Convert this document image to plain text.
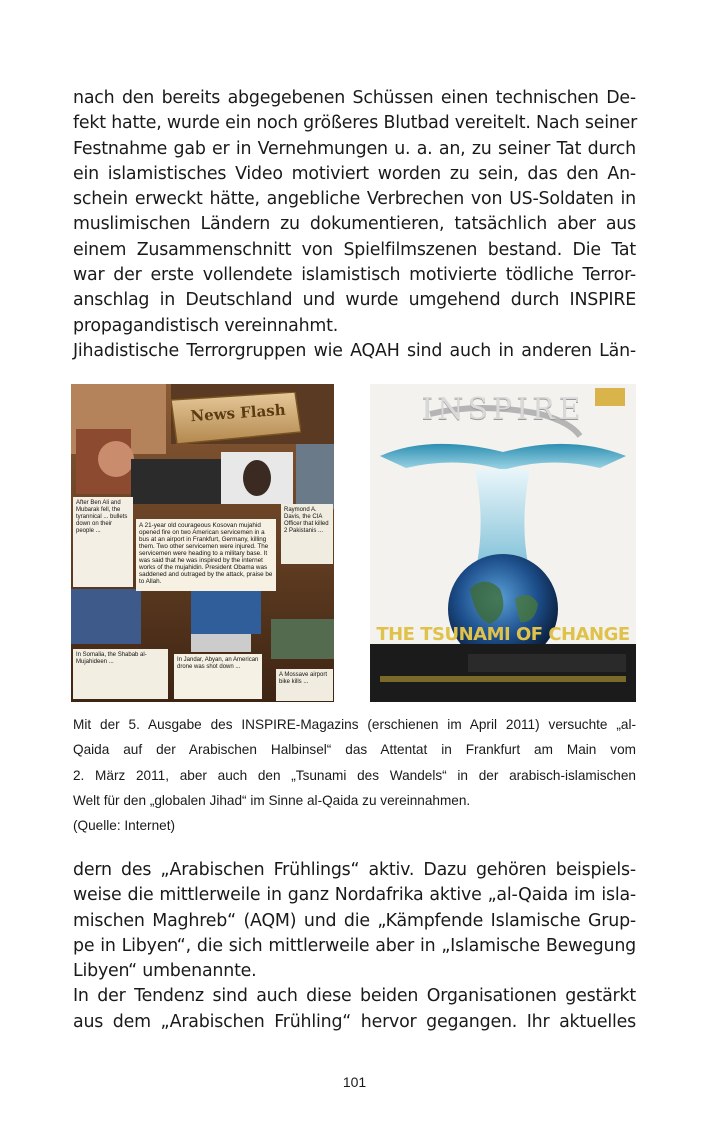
nach den bereits abgegebenen Schüssen einen technischen De-
fekt hatte, wurde ein noch größeres Blutbad vereitelt. Nach seiner
Festnahme gab er in Vernehmungen u. a. an, zu seiner Tat durch
ein islamistisches Video motiviert worden zu sein, das den An-
schein erweckt hätte, angebliche Verbrechen von US-Soldaten in
muslimischen Ländern zu dokumentieren, tatsächlich aber aus
einem Zusammenschnitt von Spielfilmszenen bestand. Die Tat
war der erste vollendete islamistisch motivierte tödliche Terror-
anschlag in Deutschland und wurde umgehend durch INSPIRE
propagandistisch vereinnahmt.
Jihadistische Terrorgruppen wie AQAH sind auch in anderen Län-
News Flash
After Ben Ali and Mubarak fell, the tyrannical ... bullets down on their people ...
A 21-year old courageous Kosovan mujahid opened fire on two American servicemen in a bus at an airport in Frankfurt, Germany, killing them. Two other servicemen were injured. The servicemen were heading to a military base. It was said that he was inspired by the internet works of the mujahidin. President Obama was saddened and outraged by the attack, praise be to Allah.
Raymond A. Davis, the CIA Officer that killed 2 Pakistanis ...
In Somalia, the Shabab al-Mujahideen ...	In Jandar, Abyan, an American drone was shot down ...
A Mossave airport bike kills ...
INSPIRE
THE TSUNAMI OF CHANGE
Mit der 5. Ausgabe des INSPIRE-Magazins (erschienen im April 2011) versuchte „al-
Qaida auf der Arabischen Halbinsel“ das Attentat in Frankfurt am Main vom
2. März 2011, aber auch den „Tsunami des Wandels“ in der arabisch-islamischen
Welt für den „globalen Jihad“ im Sinne al-Qaida zu vereinnahmen.
(Quelle: Internet)
dern des „Arabischen Frühlings“ aktiv. Dazu gehören beispiels-
weise die mittlerweile in ganz Nordafrika aktive „al-Qaida im isla-
mischen Maghreb“ (AQM) und die „Kämpfende Islamische Grup-
pe in Libyen“, die sich mittlerweile aber in „Islamische Bewegung
Libyen“ umbenannte.
In der Tendenz sind auch diese beiden Organisationen gestärkt
aus dem „Arabischen Frühling“ hervor gegangen. Ihr aktuelles
101
